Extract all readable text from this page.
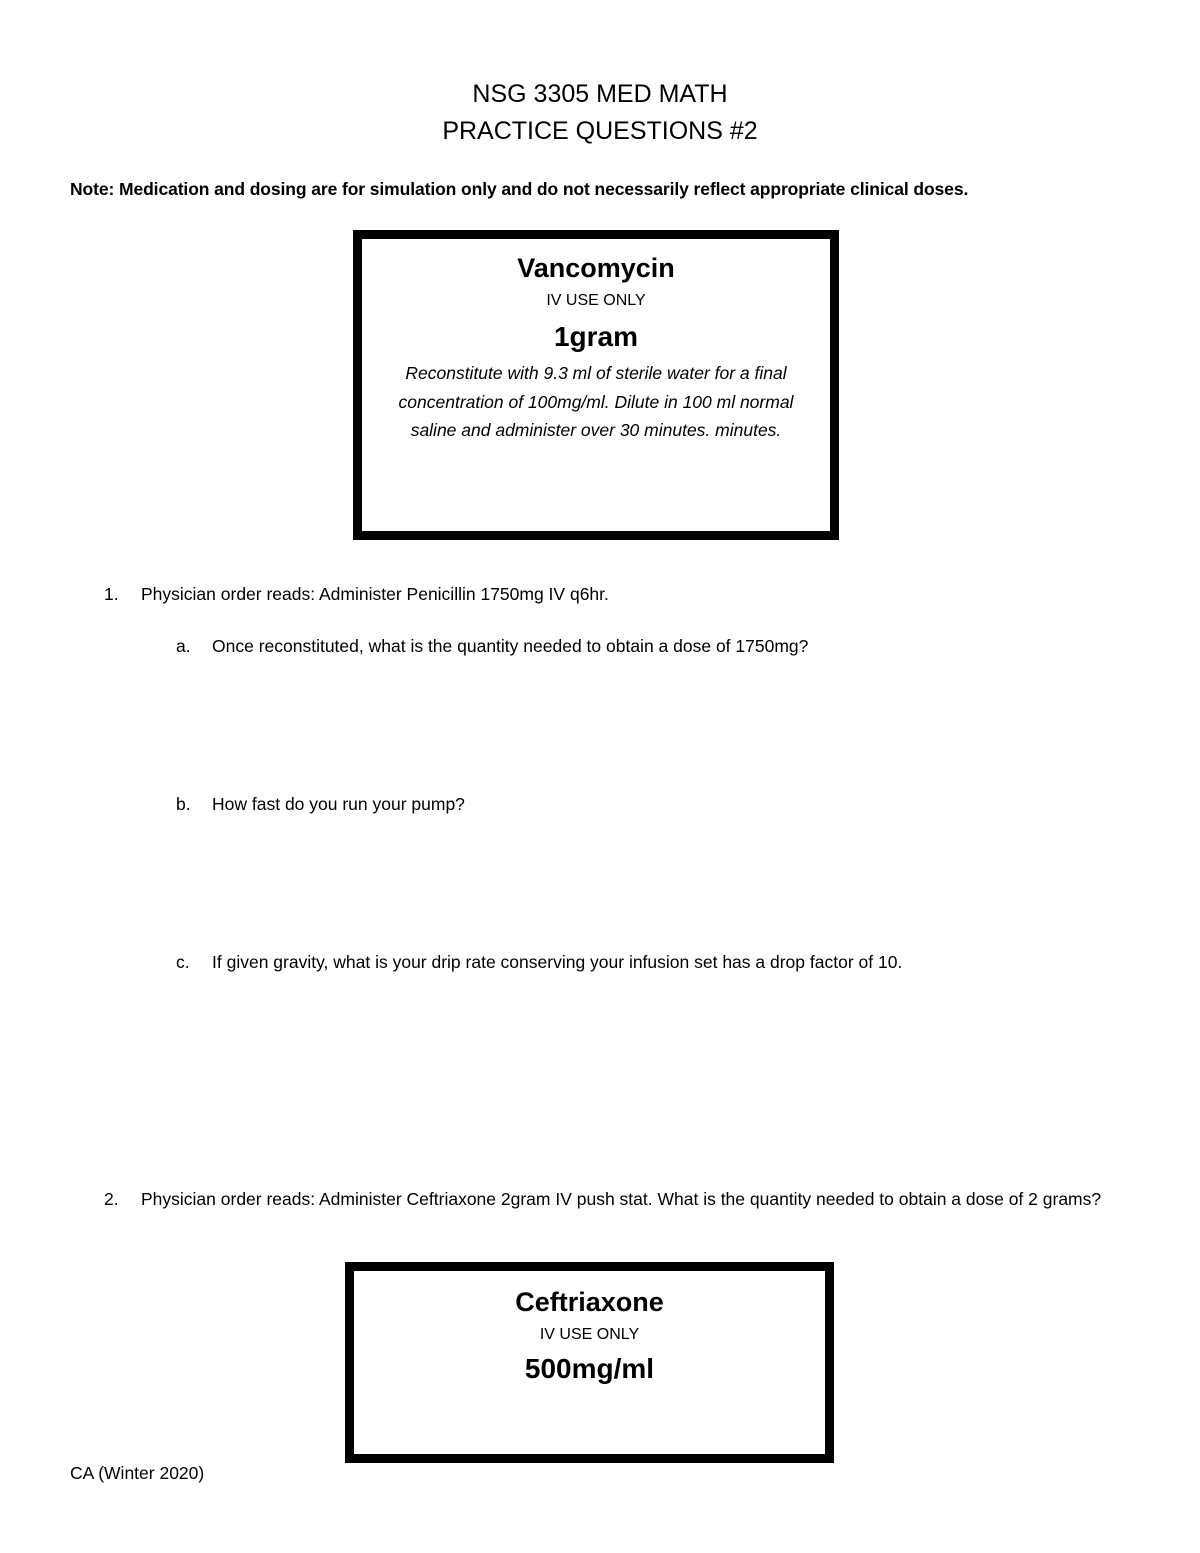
NSG 3305 MED MATH
PRACTICE QUESTIONS #2
Note: Medication and dosing are for simulation only and do not necessarily reflect appropriate clinical doses.

Vancomycin

IV USE ONLY

1gram

Reconstitute with 9.3 ml of sterile water for a final concentration of 100mg/ml. Dilute in 100 ml normal saline and administer over 30 minutes. minutes.

1. Physician order reads: Administer Penicillin 1750mg IV q6hr.
a. Once reconstituted, what is the quantity needed to obtain a dose of 1750mg?
b. How fast do you run your pump?
c. If given gravity, what is your drip rate conserving your infusion set has a drop factor of 10.
2. Physician order reads: Administer Ceftriaxone 2gram IV push stat. What is the quantity needed to obtain a dose of 2 grams?

Ceftriaxone

IV USE ONLY

500mg/ml

CA (Winter 2020)
